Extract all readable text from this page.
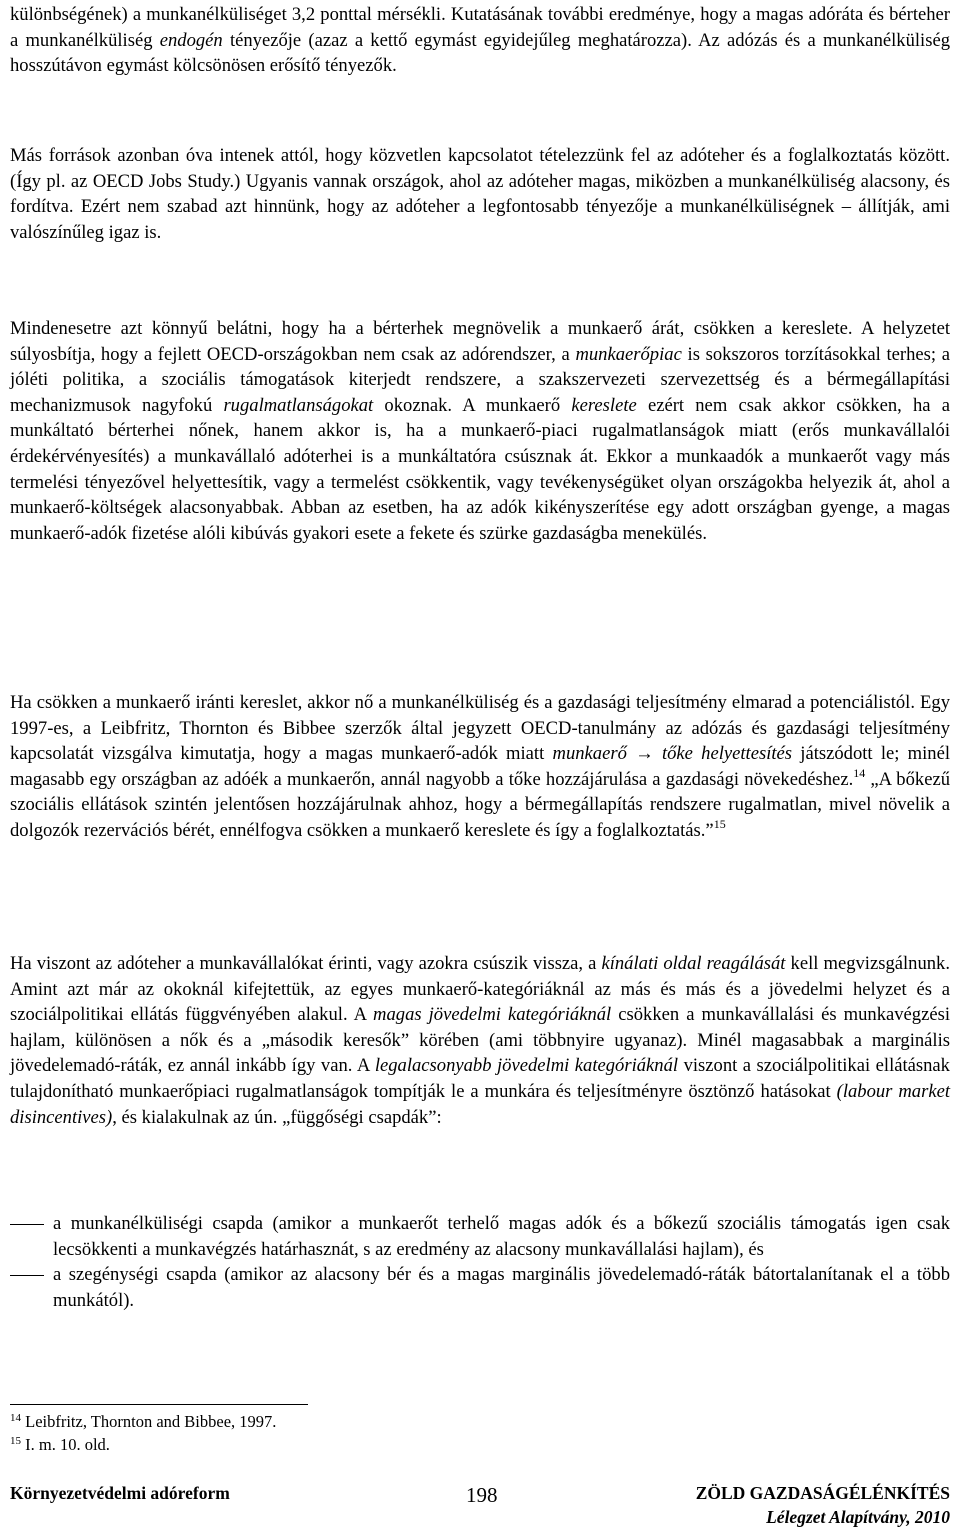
különbségének) a munkanélküliséget 3,2 ponttal mérsékli. Kutatásának további eredménye, hogy a magas adóráta és bérteher a munkanélküliség endogén tényezője (azaz a kettő egymást egyidejűleg meghatározza). Az adózás és a munkanélküliség hosszútávon egymást kölcsönösen erősítő tényezők.

Más források azonban óva intenek attól, hogy közvetlen kapcsolatot tételezzünk fel az adóteher és a foglalkoztatás között. (Így pl. az OECD Jobs Study.) Ugyanis vannak országok, ahol az adóteher magas, miközben a munkanélküliség alacsony, és fordítva. Ezért nem szabad azt hinnünk, hogy az adóteher a legfontosabb tényezője a munkanélküliségnek – állítják, ami valószínűleg igaz is.

Mindenesetre azt könnyű belátni, hogy ha a bérterhek megnövelik a munkaerő árát, csökken a kereslete. A helyzetet súlyosbítja, hogy a fejlett OECD-országokban nem csak az adórendszer, a munkaerőpiac is sokszoros torzításokkal terhes; a jóléti politika, a szociális támogatások kiterjedt rendszere, a szakszervezeti szervezettség és a bérmegállapítási mechanizmusok nagyfokú rugalmatlanságokat okoznak. A munkaerő kereslete ezért nem csak akkor csökken, ha a munkáltató bérterhei nőnek, hanem akkor is, ha a munkaerő-piaci rugalmatlanságok miatt (erős munkavállalói érdekérvényesítés) a munkavállaló adóterhei is a munkáltatóra csúsznak át. Ekkor a munkaadók a munkaerőt vagy más termelési tényezővel helyettesítik, vagy a termelést csökkentik, vagy tevékenységüket olyan országokba helyezik át, ahol a munkaerő-költségek alacsonyabbak. Abban az esetben, ha az adók kikényszerítése egy adott országban gyenge, a magas munkaerő-adók fizetése alóli kibúvás gyakori esete a fekete és szürke gazdaságba menekülés.

Ha csökken a munkaerő iránti kereslet, akkor nő a munkanélküliség és a gazdasági teljesítmény elmarad a potenciálistól. Egy 1997-es, a Leibfritz, Thornton és Bibbee szerzők által jegyzett OECD-tanulmány az adózás és gazdasági teljesítmény kapcsolatát vizsgálva kimutatja, hogy a magas munkaerő-adók miatt munkaerő → tőke helyettesítés játszódott le; minél magasabb egy országban az adóék a munkaerőn, annál nagyobb a tőke hozzájárulása a gazdasági növekedéshez.$^{14}$ „A bőkezű szociális ellátások szintén jelentősen hozzájárulnak ahhoz, hogy a bérmegállapítás rendszere rugalmatlan, mivel növelik a dolgozók rezervációs bérét, ennélfogva csökken a munkaerő kereslete és így a foglalkoztatás.”$^{15}$

Ha viszont az adóteher a munkavállalókat érinti, vagy azokra csúszik vissza, a kínálati oldal reagálását kell megvizsgálnunk. Amint azt már az okoknál kifejtettük, az egyes munkaerő-kategóriáknál az más és más és a jövedelmi helyzet és a szociálpolitikai ellátás függvényében alakul. A magas jövedelmi kategóriáknál csökken a munkavállalási és munkavégzési hajlam, különösen a nők és a „második keresők” körében (ami többnyire ugyanaz). Minél magasabbak a marginális jövedelemadó-ráták, ez annál inkább így van. A legalacsonyabb jövedelmi kategóriáknál viszont a szociálpolitikai ellátásnak tulajdonítható munkaerőpiaci rugalmatlanságok tompítják le a munkára és teljesítményre ösztönző hatásokat (labour market disincentives), és kialakulnak az ún. „függőségi csapdák”:

a munkanélküliségi csapda (amikor a munkaerőt terhelő magas adók és a bőkezű szociális támogatás igen csak lecsökkenti a munkavégzés határhasznát, s az eredmény az alacsony munkavállalási hajlam), és
a szegénységi csapda (amikor az alacsony bér és a magas marginális jövedelemadó-ráták bátortalanítanak el a több munkától).
$^{14}$ Leibfritz, Thornton and Bibbee, 1997.
$^{15}$ I. m. 10. old.
Környezetvédelmi adóreform	198	ZÖLD GAZDASÁGÉLÉNKÍTÉS
Lélegzet Alapítvány, 2010
